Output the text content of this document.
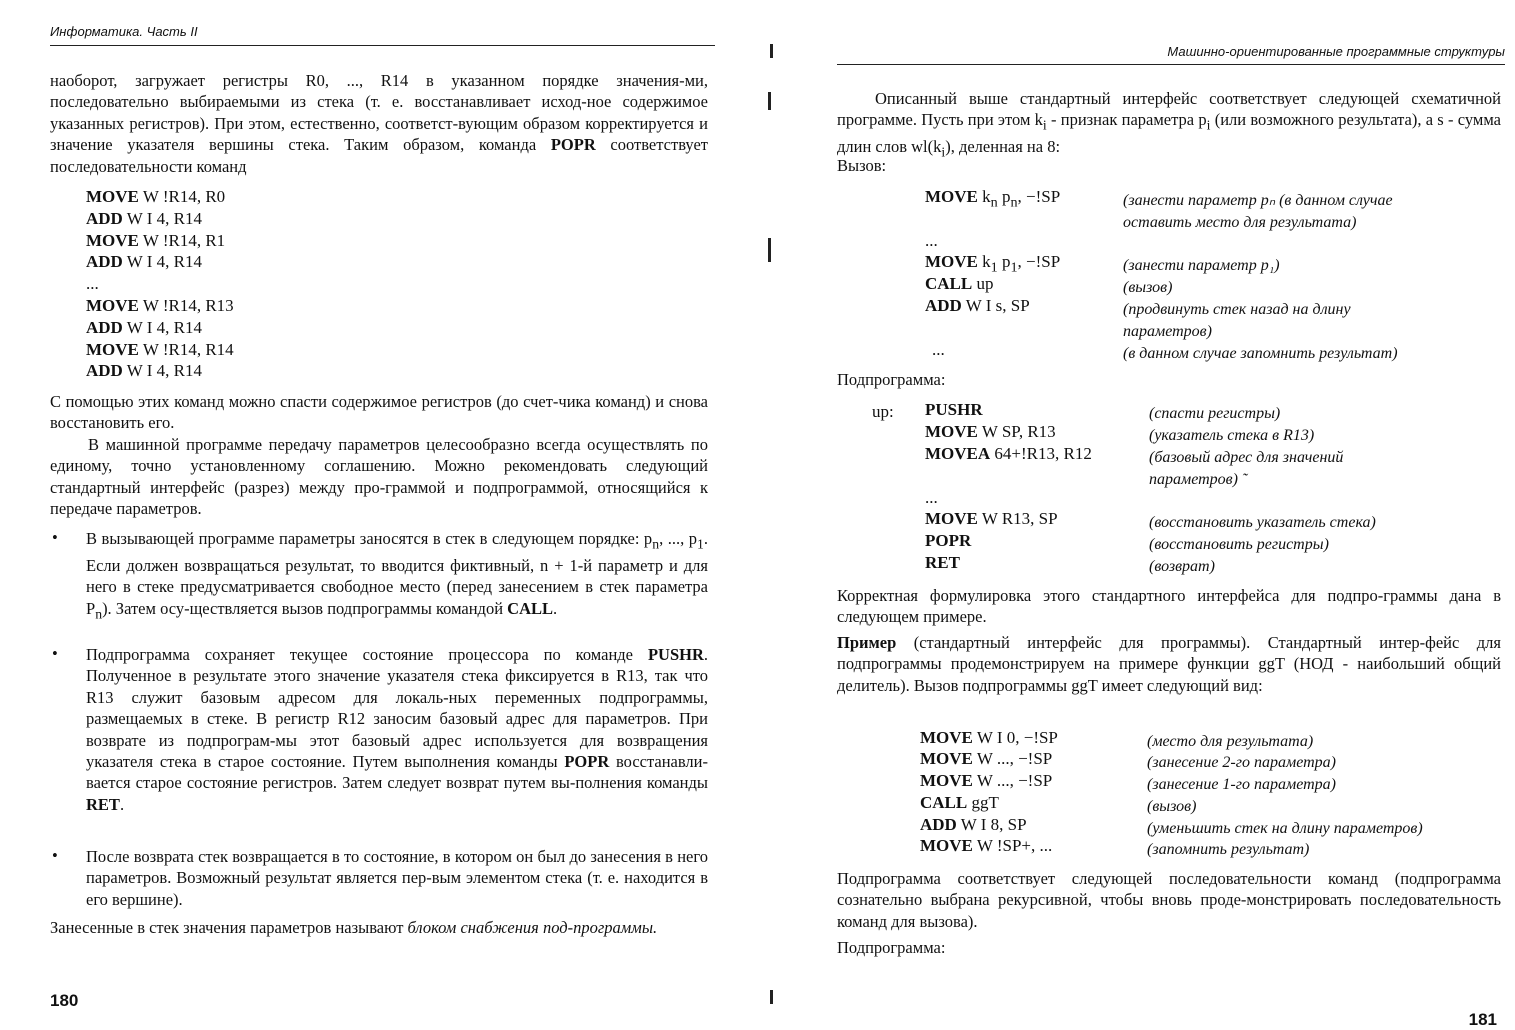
Информатика. Часть II

наоборот, загружает регистры R0, ..., R14 в указанном порядке значения-ми, последовательно выбираемыми из стека (т. е. восстанавливает исход-ное содержимое указанных регистров). При этом, естественно, соответст-вующим образом корректируется и значение указателя вершины стека. Таким образом, команда POPR соответствует последовательности команд

MOVE W !R14, R0
ADD W I 4, R14
MOVE W !R14, R1
ADD W I 4, R14
...
MOVE W !R14, R13
ADD W I 4, R14
MOVE W !R14, R14
ADD W I 4, R14

С помощью этих команд можно спасти содержимое регистров (до счет-чика команд) и снова восстановить его.

В машинной программе передачу параметров целесообразно всегда осуществлять по единому, точно установленному соглашению. Можно рекомендовать следующий стандартный интерфейс (разрез) между про-граммой и подпрограммой, относящийся к передаче параметров.

• В вызывающей программе параметры заносятся в стек в следующем порядке: $p_n$, ..., $p_1$. Если должен возвращаться результат, то вводится фиктивный, n + 1-й параметр и для него в стеке предусматривается свободное место (перед занесением в стек параметра $P_n$). Затем осу-ществляется вызов подпрограммы командой CALL.

• Подпрограмма сохраняет текущее состояние процессора по команде PUSHR. Полученное в результате этого значение указателя стека фиксируется в R13, так что R13 служит базовым адресом для локаль-ных переменных подпрограммы, размещаемых в стеке. В регистр R12 заносим базовый адрес для параметров. При возврате из подпрограм-мы этот базовый адрес используется для возвращения указателя стека в старое состояние. Путем выполнения команды POPR восстанавли-вается старое состояние регистров. Затем следует возврат путем вы-полнения команды RET.

• После возврата стек возвращается в то состояние, в котором он был до занесения в него параметров. Возможный результат является пер-вым элементом стека (т. е. находится в его вершине).

Занесенные в стек значения параметров называют блоком снабжения под-программы.

180
Машинно-ориентированные программные структуры

Описанный выше стандартный интерфейс соответствует следующей схематичной программе. Пусть при этом $k_i$ - признак параметра $p_i$ (или возможного результата), а s - сумма длин слов $wl(k_i)$, деленная на 8:

Вызов:
MOVE $k_n$ $p_n$, −!SP	(занести параметр pₙ (в данном случае оставить место для результата)
...
MOVE $k_1$ $p_1$, −!SP	(занести параметр p₁)
CALL up	(вызов)
ADD W I s, SP	(продвинуть стек назад на длину параметров)
...	(в данном случае запомнить результат)
Подпрограмма:
up: PUSHR	(спасти регистры)
MOVE W SP, R13	(указатель стека в R13)
MOVEA 64+!R13, R12	(базовый адрес для значений параметров) ˜
...
MOVE W R13, SP	(восстановить указатель стека)
POPR	(восстановить регистры)
RET	(возврат)

Корректная формулировка этого стандартного интерфейса для подпро-граммы дана в следующем примере.

Пример (стандартный интерфейс для программы). Стандартный интер-фейс для подпрограммы продемонстрируем на примере функции ggT (НОД - наибольший общий делитель). Вызов подпрограммы ggT имеет следующий вид:

MOVE W I 0, −!SP	(место для результата)
MOVE W ..., −!SP	(занесение 2-го параметра)
MOVE W ..., −!SP	(занесение 1-го параметра)
CALL ggT	(вызов)
ADD W I 8, SP	(уменьшить стек на длину параметров)
MOVE W !SP+, ...	(запомнить результат)

Подпрограмма соответствует следующей последовательности команд (подпрограмма сознательно выбрана рекурсивной, чтобы вновь проде-монстрировать последовательность команд для вызова).

Подпрограмма:
181
